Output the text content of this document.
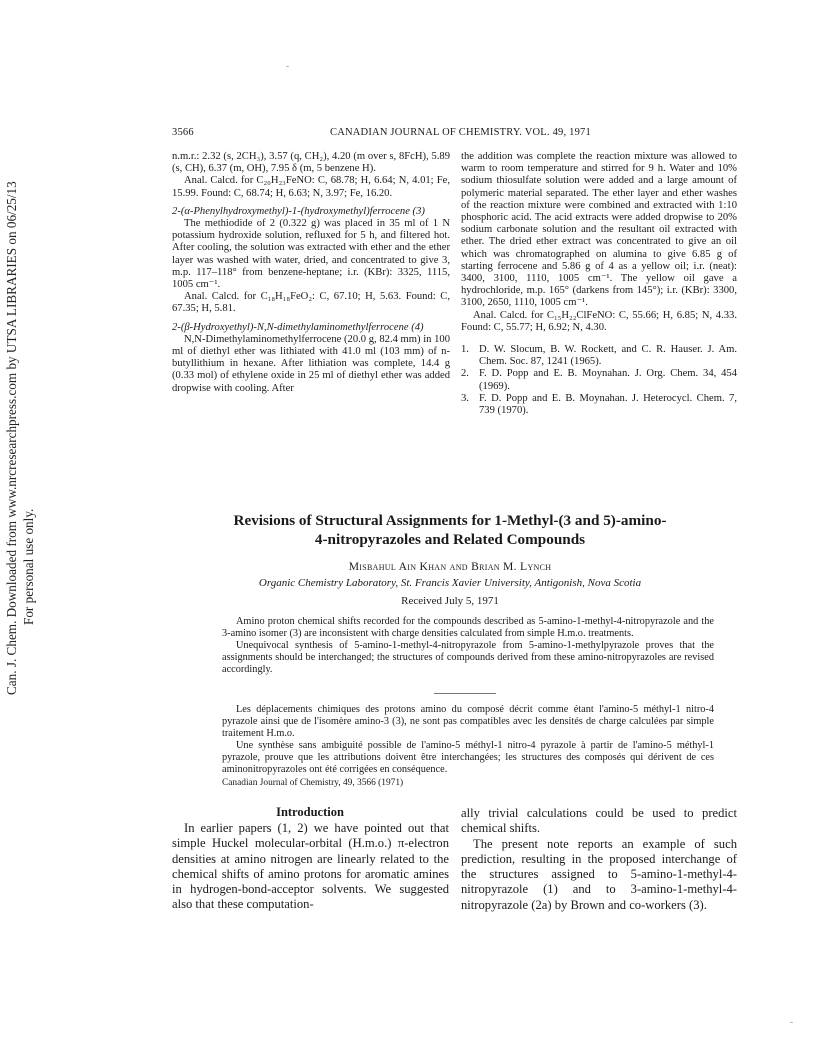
Can. J. Chem. Downloaded from www.nrcresearchpress.com by UTSA LIBRARIES on 06/25/13 For personal use only.
3566	CANADIAN JOURNAL OF CHEMISTRY. VOL. 49, 1971

n.m.r.: 2.32 (s, 2CH₃), 3.57 (q, CH₂), 4.20 (m over s, 8FcH), 5.89 (s, CH), 6.37 (m, OH), 7.95 δ (m, 5 benzene H).

Anal. Calcd. for C₂₀H₂₃FeNO: C, 68.78; H, 6.64; N, 4.01; Fe, 15.99. Found: C, 68.74; H, 6.63; N, 3.97; Fe, 16.20.

2-(α-Phenylhydroxymethyl)-1-(hydroxymethyl)ferrocene (3)

The methiodide of 2 (0.322 g) was placed in 35 ml of 1 N potassium hydroxide solution, refluxed for 5 h, and filtered hot. After cooling, the solution was extracted with ether and the ether layer was washed with water, dried, and concentrated to give 3, m.p. 117–118° from benzene-heptane; i.r. (KBr): 3325, 1115, 1005 cm⁻¹.

Anal. Calcd. for C₁₈H₁₈FeO₂: C, 67.10; H, 5.63. Found: C, 67.35; H, 5.81.

2-(β-Hydroxyethyl)-N,N-dimethylaminomethylferrocene (4)

N,N-Dimethylaminomethylferrocene (20.0 g, 82.4 mm) in 100 ml of diethyl ether was lithiated with 41.0 ml (103 mm) of n-butyllithium in hexane. After lithiation was complete, 14.4 g (0.33 mol) of ethylene oxide in 25 ml of diethyl ether was added dropwise with cooling. After

the addition was complete the reaction mixture was allowed to warm to room temperature and stirred for 9 h. Water and 10% sodium thiosulfate solution were added and a large amount of polymeric material separated. The ether layer and ether washes of the reaction mixture were combined and extracted with 1:10 phosphoric acid. The acid extracts were added dropwise to 20% sodium carbonate solution and the resultant oil extracted with ether. The dried ether extract was concentrated to give an oil which was chromatographed on alumina to give 6.85 g of starting ferrocene and 5.86 g of 4 as a yellow oil; i.r. (neat): 3400, 3100, 1110, 1005 cm⁻¹. The yellow oil gave a hydrochloride, m.p. 165° (darkens from 145°); i.r. (KBr): 3300, 3100, 2650, 1110, 1005 cm⁻¹.

Anal. Calcd. for C₁₅H₂₂ClFeNO: C, 55.66; H, 6.85; N, 4.33. Found: C, 55.77; H, 6.92; N, 4.30.

1. D. W. Slocum, B. W. Rockett, and C. R. Hauser. J. Am. Chem. Soc. 87, 1241 (1965).
2. F. D. Popp and E. B. Moynahan. J. Org. Chem. 34, 454 (1969).
3. F. D. Popp and E. B. Moynahan. J. Heterocycl. Chem. 7, 739 (1970).
Revisions of Structural Assignments for 1-Methyl-(3 and 5)-amino-
4-nitropyrazoles and Related Compounds
Misbahul Ain Khan and Brian M. Lynch
Organic Chemistry Laboratory, St. Francis Xavier University, Antigonish, Nova Scotia
Received July 5, 1971

Amino proton chemical shifts recorded for the compounds described as 5-amino-1-methyl-4-nitropyrazole and the 3-amino isomer (3) are inconsistent with charge densities calculated from simple H.m.o. treatments.

Unequivocal synthesis of 5-amino-1-methyl-4-nitropyrazole from 5-amino-1-methylpyrazole proves that the assignments should be interchanged; the structures of compounds derived from these amino-nitropyrazoles are revised accordingly.

Les déplacements chimiques des protons amino du composé décrit comme étant l'amino-5 méthyl-1 nitro-4 pyrazole ainsi que de l'isomère amino-3 (3), ne sont pas compatibles avec les densités de charge calculées par simple traitement H.m.o.

Une synthèse sans ambiguité possible de l'amino-5 méthyl-1 nitro-4 pyrazole à partir de l'amino-5 méthyl-1 pyrazole, prouve que les attributions doivent être interchangées; les structures des composés qui dérivent de ces aminonitropyrazoles ont été corrigées en conséquence.

Canadian Journal of Chemistry, 49, 3566 (1971)
Introduction

In earlier papers (1, 2) we have pointed out that simple Huckel molecular-orbital (H.m.o.) π-electron densities at amino nitrogen are linearly related to the chemical shifts of amino protons for aromatic amines in hydrogen-bond-acceptor solvents. We suggested also that these computation-

ally trivial calculations could be used to predict chemical shifts.

The present note reports an example of such prediction, resulting in the proposed interchange of the structures assigned to 5-amino-1-methyl-4-nitropyrazole (1) and to 3-amino-1-methyl-4-nitropyrazole (2a) by Brown and co-workers (3).
